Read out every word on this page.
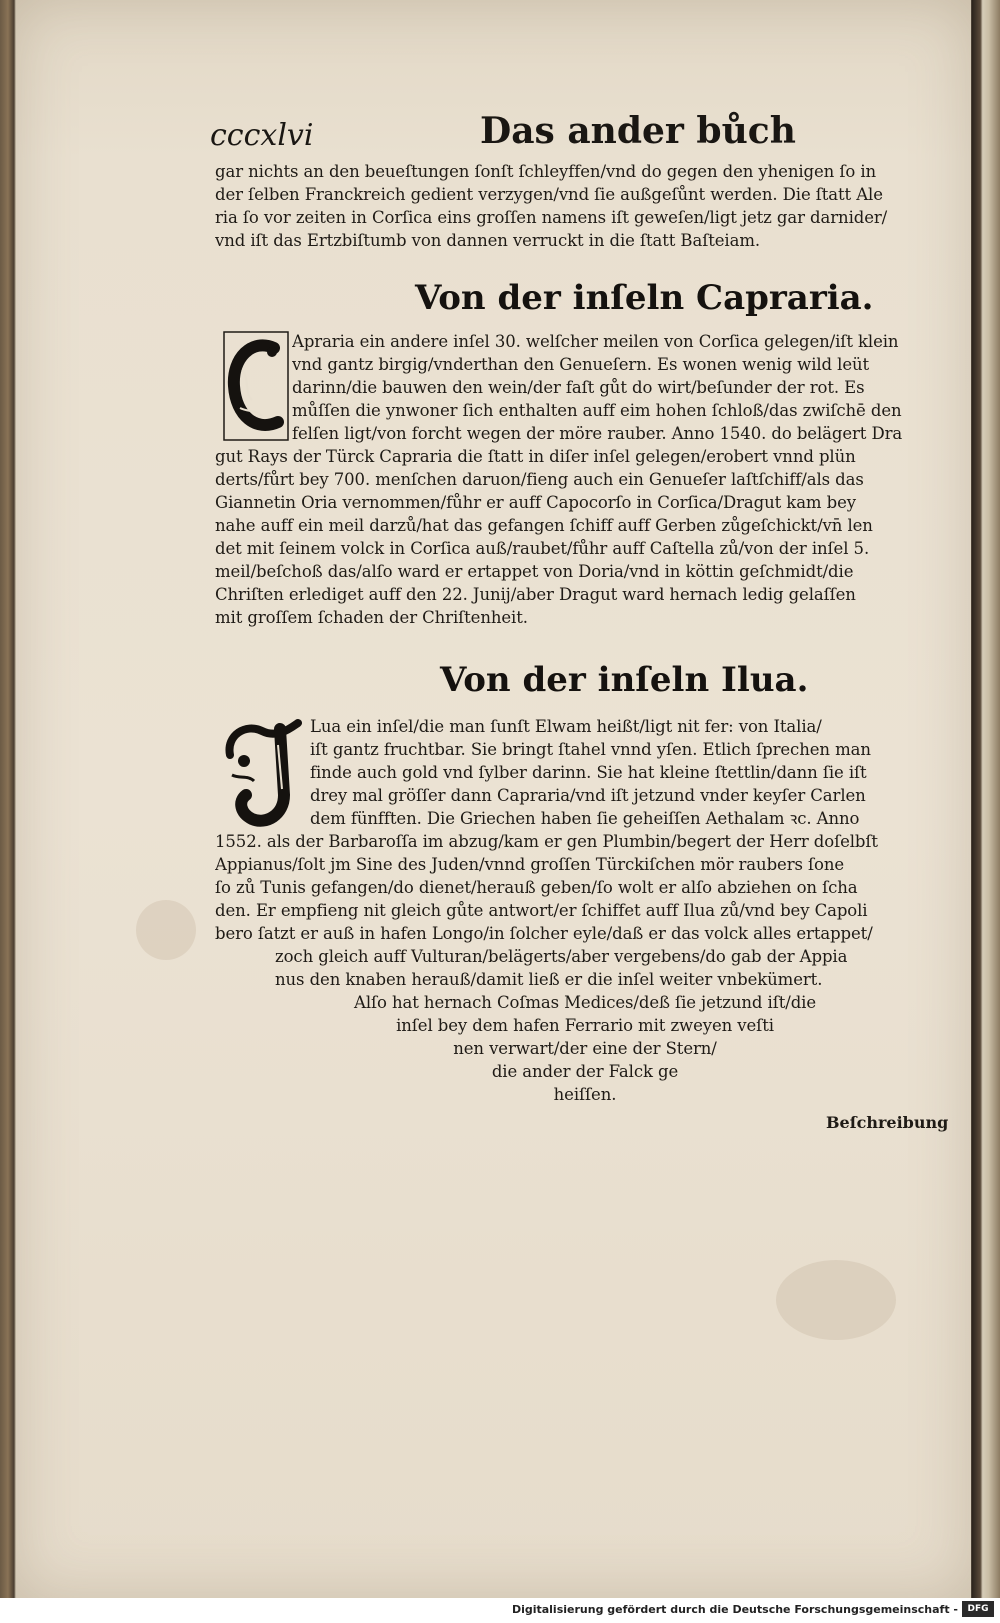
cccxlvi	Das ander bůch
gar nichts an den beueſtungen ſonſt ſchleyffen/vnd do gegen den yhenigen ſo in
der ſelben Franckreich gedient verzygen/vnd ſie außgeſůnt werden. Die ſtatt Ale
ria ſo vor zeiten in Corſica eins groſſen namens iſt geweſen/ligt jetz gar darnider/
vnd iſt das Ertzbiſtumb von dannen verruckt in die ſtatt Baſteiam.
Von der inſeln Capraria.
Apraria ein andere inſel 30. welſcher meilen von Corſica gelegen/iſt klein
vnd gantz birgig/vnderthan den Genueſern. Es wonen wenig wild leüt
darinn/die bauwen den wein/der faſt gůt do wirt/beſunder der rot. Es
můſſen die ynwoner ſich enthalten auff eim hohen ſchloß/das zwiſchē den
felſen ligt/von forcht wegen der möre rauber. Anno 1540. do belägert Dra
gut Rays der Türck Capraria die ſtatt in diſer inſel gelegen/erobert vnnd plün
derts/fůrt bey 700. menſchen daruon/fieng auch ein Genueſer laſtſchiff/als das
Giannetin Oria vernommen/fůhr er auff Capocorſo in Corſica/Dragut kam bey
nahe auff ein meil darzů/hat das gefangen ſchiff auff Gerben zůgeſchickt/vn̄ len
det mit ſeinem volck in Corſica auß/raubet/fůhr auff Caſtella zů/von der inſel 5.
meil/beſchoß das/alſo ward er ertappet von Doria/vnd in köttin geſchmidt/die
Chriſten erlediget auff den 22. Junij/aber Dragut ward hernach ledig gelaſſen
mit groſſem ſchaden der Chriſtenheit.
Von der inſeln Ilua.
Lua ein inſel/die man ſunſt Elwam heißt/ligt nit fer: von Italia/
iſt gantz fruchtbar. Sie bringt ſtahel vnnd yſen. Etlich ſprechen man
finde auch gold vnd ſylber darinn. Sie hat kleine ſtettlin/dann ſie iſt
drey mal gröſſer dann Capraria/vnd iſt jetzund vnder keyſer Carlen
dem fünfften. Die Griechen haben ſie geheiſſen Aethalam ꝛc. Anno
1552. als der Barbaroſſa im abzug/kam er gen Plumbin/begert der Herr doſelbſt
Appianus/ſolt jm Sine des Juden/vnnd groſſen Türckiſchen mör raubers ſone
ſo zů Tunis gefangen/do dienet/herauß geben/ſo wolt er alſo abziehen on ſcha
den. Er empfieng nit gleich gůte antwort/er ſchiffet auff Ilua zů/vnd bey Capoli
bero ſatzt er auß in hafen Longo/in ſolcher eyle/daß er das volck alles ertappet/
zoch gleich auff Vulturan/belägerts/aber vergebens/do gab der Appia
nus den knaben herauß/damit ließ er die inſel weiter vnbekümert.
Alſo hat hernach Coſmas Medices/deß ſie jetzund iſt/die
inſel bey dem hafen Ferrario mit zweyen veſti
nen verwart/der eine der Stern/
die ander der Falck ge
heiſſen.
Beſchreibung
Digitalisierung gefördert durch die Deutsche Forschungsgemeinschaft -	DFG
